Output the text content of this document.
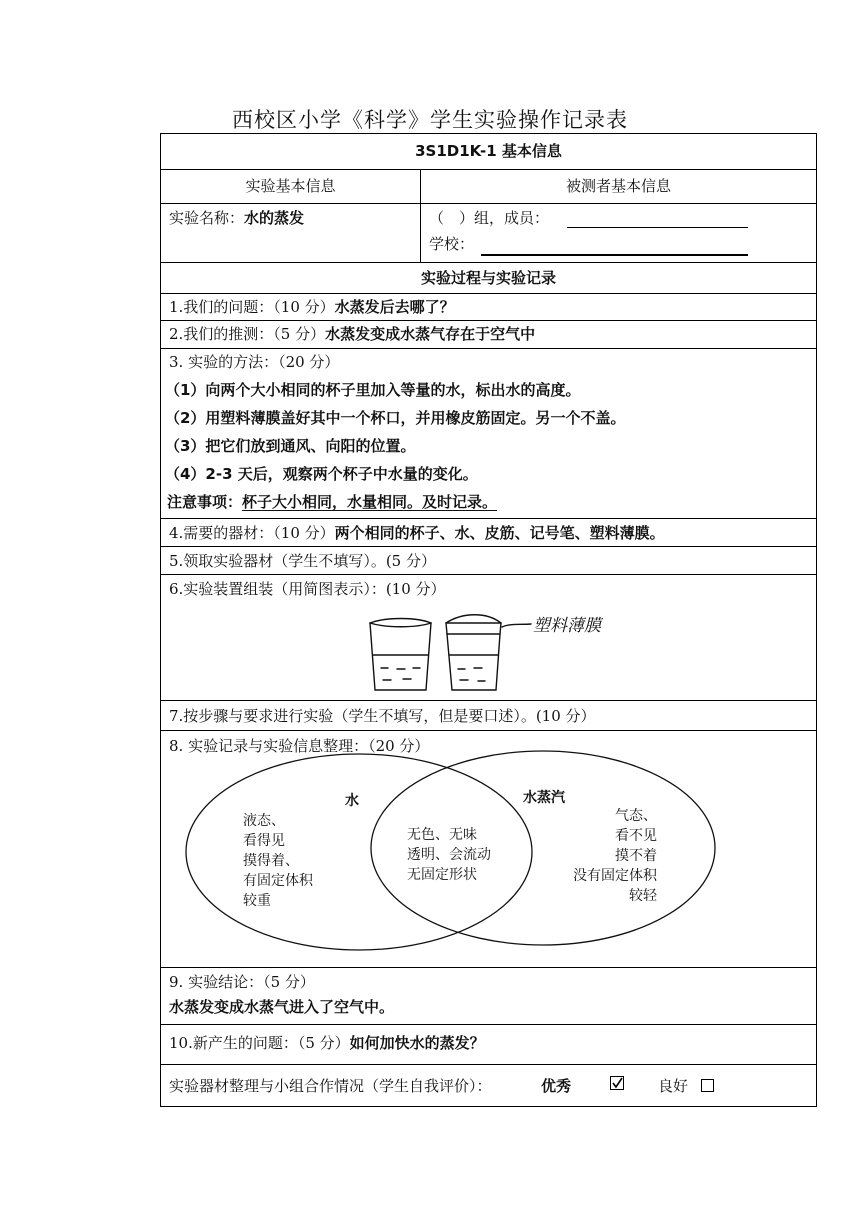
西校区小学《科学》学生实验操作记录表
3S1D1K-1 基本信息
实验基本信息	被测者基本信息
实验名称：水的蒸发	（　）组，成员：
学校：
实验过程与实验记录
1.我们的问题：（10 分）水蒸发后去哪了？
2.我们的推测：（5 分）水蒸发变成水蒸气存在于空气中
3. 实验的方法：（20 分）
（1）向两个大小相同的杯子里加入等量的水，标出水的高度。
（2）用塑料薄膜盖好其中一个杯口，并用橡皮筋固定。另一个不盖。
（3）把它们放到通风、向阳的位置。
（4）2-3 天后，观察两个杯子中水量的变化。
注意事项：杯子大小相同，水量相同。及时记录。
4.需要的器材：（10 分）两个相同的杯子、水、皮筋、记号笔、塑料薄膜。
5.领取实验器材（学生不填写）。(5 分）
6.实验装置组装（用简图表示）：(10 分）
塑料薄膜
7.按步骤与要求进行实验（学生不填写，但是要口述）。(10 分）
8. 实验记录与实验信息整理：（20 分）
水
液态、
看得见
摸得着、
有固定体积
较重
无色、无味
透明、会流动
无固定形状
水蒸汽
气态、
看不见
摸不着
没有固定体积
较轻
9. 实验结论：（5 分）
水蒸发变成水蒸气进入了空气中。
10.新产生的问题：（5 分）如何加快水的蒸发？
实验器材整理与小组合作情况（学生自我评价）：	优秀	良好
